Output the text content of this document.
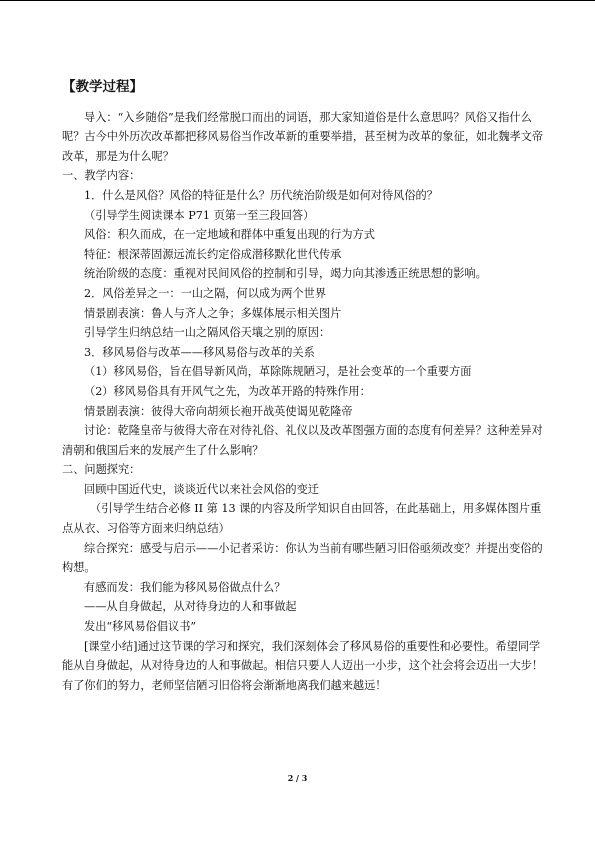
【教学过程】

导入：“入乡随俗”是我们经常脱口而出的词语，那大家知道俗是什么意思吗？风俗又指什么呢？古今中外历次改革都把移风易俗当作改革新的重要举措，甚至树为改革的象征，如北魏孝文帝改革，那是为什么呢？

一、教学内容：

1．什么是风俗？风俗的特征是什么？历代统治阶级是如何对待风俗的？

（引导学生阅读课本 P71 页第一至三段回答）

风俗：积久而成，在一定地域和群体中重复出现的行为方式

特征：根深蒂固源远流长约定俗成潜移默化世代传承

统治阶级的态度：重视对民间风俗的控制和引导，竭力向其渗透正统思想的影响。

2．风俗差异之一：一山之隔，何以成为两个世界

情景剧表演：鲁人与齐人之争；多媒体展示相关图片

引导学生归纳总结一山之隔风俗天壤之别的原因：

3．移风易俗与改革——移风易俗与改革的关系

（1）移风易俗，旨在倡导新风尚，革除陈规陋习，是社会变革的一个重要方面

（2）移风易俗具有开风气之先，为改革开路的特殊作用：

情景剧表演：彼得大帝向胡须长袍开战英使谒见乾隆帝

讨论：乾隆皇帝与彼得大帝在对待礼俗、礼仪以及改革图强方面的态度有何差异？这种差异对清朝和俄国后来的发展产生了什么影响？

二、问题探究：

回顾中国近代史，谈谈近代以来社会风俗的变迁

（引导学生结合必修 II 第 13 课的内容及所学知识自由回答，在此基础上，用多媒体图片重点从衣、习俗等方面来归纳总结）

综合探究：感受与启示——小记者采访：你认为当前有哪些陋习旧俗亟须改变？并提出变俗的构想。

有感而发：我们能为移风易俗做点什么？

——从自身做起，从对待身边的人和事做起

发出“移风易俗倡议书”

[课堂小结]通过这节课的学习和探究，我们深刻体会了移风易俗的重要性和必要性。希望同学能从自身做起，从对待身边的人和事做起。相信只要人人迈出一小步，这个社会将会迈出一大步！有了你们的努力，老师坚信陋习旧俗将会渐渐地离我们越来越远！

2 / 3
